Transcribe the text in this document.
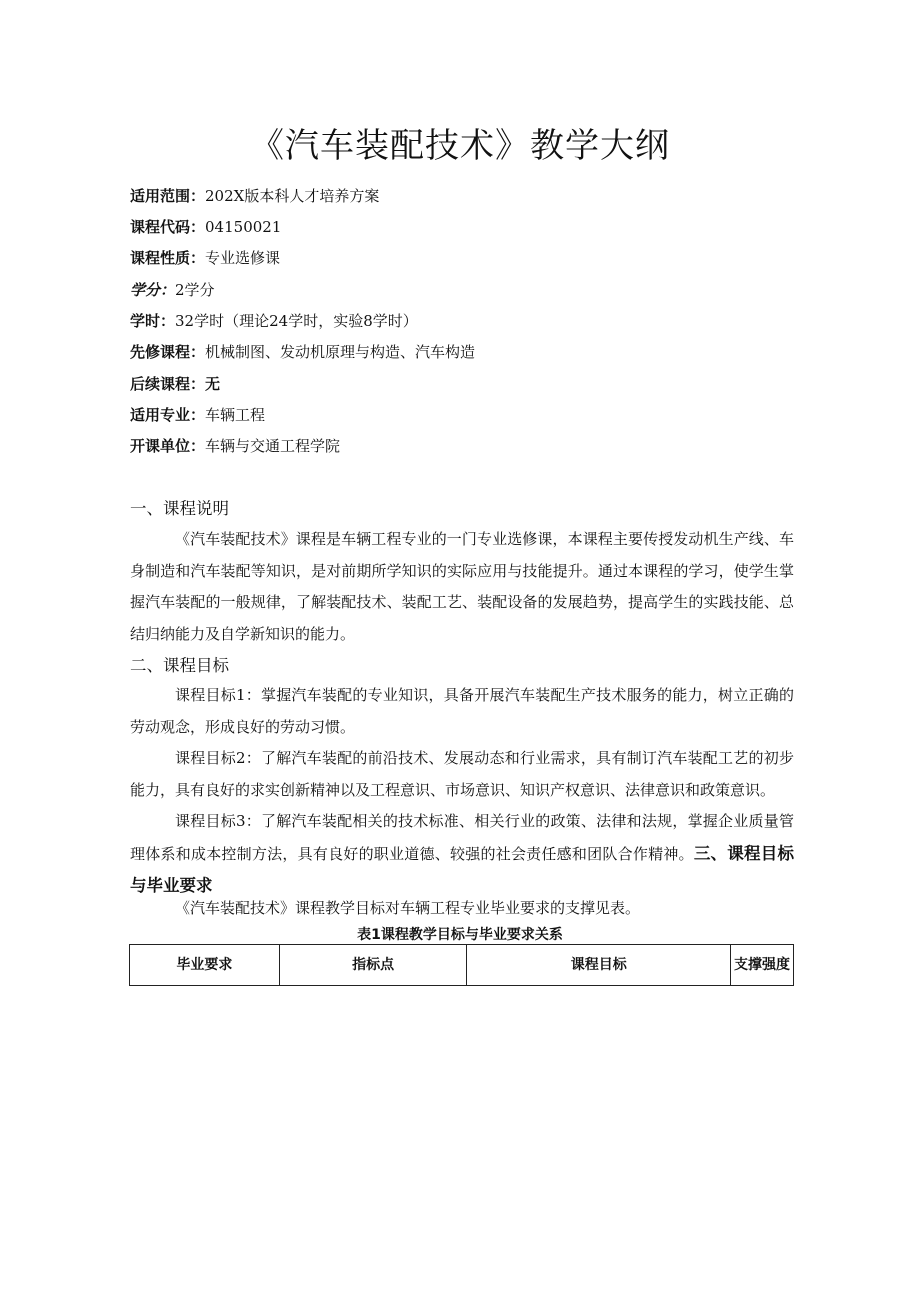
《汽车装配技术》教学大纲
适用范围：202X版本科人才培养方案
课程代码：04150021
课程性质：专业选修课
学分：2学分
学时：32学时（理论24学时，实验8学时）
先修课程：机械制图、发动机原理与构造、汽车构造
后续课程：无
适用专业：车辆工程
开课单位：车辆与交通工程学院
一、课程说明

《汽车装配技术》课程是车辆工程专业的一门专业选修课，本课程主要传授发动机生产线、车身制造和汽车装配等知识，是对前期所学知识的实际应用与技能提升。通过本课程的学习，使学生掌握汽车装配的一般规律，了解装配技术、装配工艺、装配设备的发展趋势，提高学生的实践技能、总结归纳能力及自学新知识的能力。

二、课程目标

课程目标1：掌握汽车装配的专业知识，具备开展汽车装配生产技术服务的能力，树立正确的劳动观念，形成良好的劳动习惯。

课程目标2：了解汽车装配的前沿技术、发展动态和行业需求，具有制订汽车装配工艺的初步能力，具有良好的求实创新精神以及工程意识、市场意识、知识产权意识、法律意识和政策意识。

课程目标3：了解汽车装配相关的技术标准、相关行业的政策、法律和法规，掌握企业质量管理体系和成本控制方法，具有良好的职业道德、较强的社会责任感和团队合作精神。三、课程目标与毕业要求

《汽车装配技术》课程教学目标对车辆工程专业毕业要求的支撑见表。

表1课程教学目标与毕业要求关系
毕业要求	指标点	课程目标	支撑强度
